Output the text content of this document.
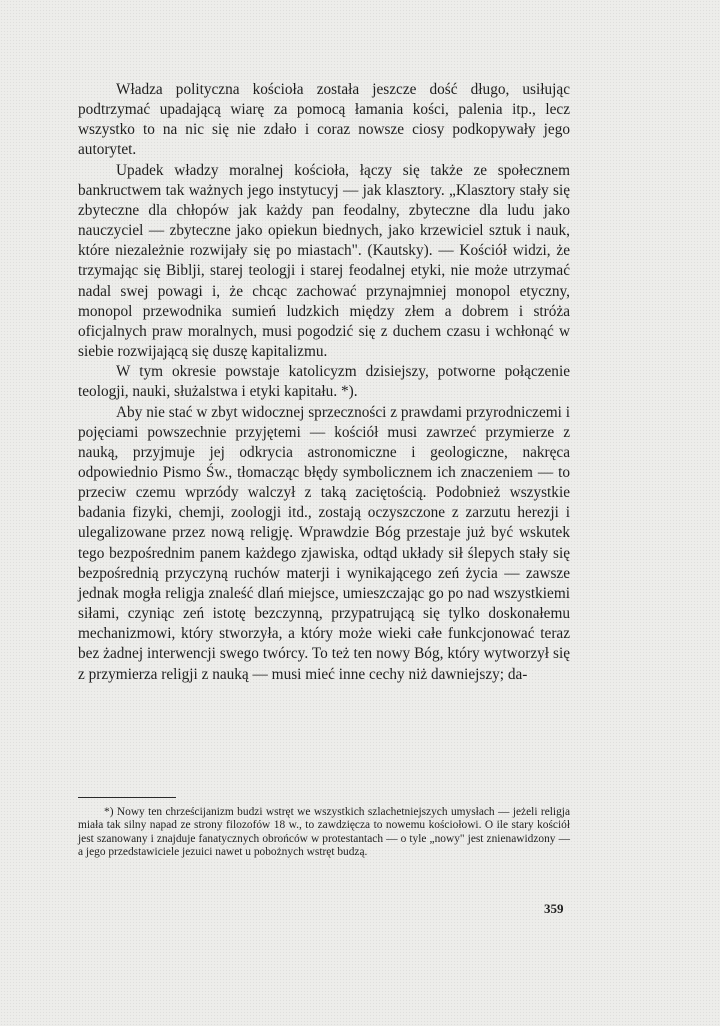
Władza polityczna kościoła została jeszcze dość długo, usiłując podtrzymać upadającą wiarę za pomocą łamania kości, palenia itp., lecz wszystko to na nic się nie zdało i coraz nowsze ciosy podkopywały jego autorytet.

Upadek władzy moralnej kościoła, łączy się także ze społecznem bankructwem tak ważnych jego instytucyj — jak klasztory. „Klasztory stały się zbyteczne dla chłopów jak każdy pan feodalny, zbyteczne dla ludu jako nauczyciel — zbyteczne jako opiekun biednych, jako krzewiciel sztuk i nauk, które niezależnie rozwijały się po miastach". (Kautsky). — Kościół widzi, że trzymając się Biblji, starej teologji i starej feodalnej etyki, nie może utrzymać nadal swej powagi i, że chcąc zachować przynajmniej monopol etyczny, monopol przewodnika sumień ludzkich między złem a dobrem i stróża oficjalnych praw moralnych, musi pogodzić się z duchem czasu i wchłonąć w siebie rozwijającą się duszę kapitalizmu.

W tym okresie powstaje katolicyzm dzisiejszy, potworne połączenie teologji, nauki, służalstwa i etyki kapitału. *).

Aby nie stać w zbyt widocznej sprzeczności z prawdami przyrodniczemi i pojęciami powszechnie przyjętemi — kościół musi zawrzeć przymierze z nauką, przyjmuje jej odkrycia astronomiczne i geologiczne, nakręca odpowiednio Pismo Św., tłomacząc błędy symbolicznem ich znaczeniem — to przeciw czemu wprzódy walczył z taką zaciętością. Podobnież wszystkie badania fizyki, chemji, zoologji itd., zostają oczyszczone z zarzutu herezji i ulegalizowane przez nową religję. Wprawdzie Bóg przestaje już być wskutek tego bezpośrednim panem każdego zjawiska, odtąd układy sił ślepych stały się bezpośrednią przyczyną ruchów materji i wynikającego zeń życia — zawsze jednak mogła religja znaleść dlań miejsce, umieszczając go po nad wszystkiemi siłami, czyniąc zeń istotę bezczynną, przypatrującą się tylko doskonałemu mechanizmowi, który stworzyła, a który może wieki całe funkcjonować teraz bez żadnej interwencji swego twórcy. To też ten nowy Bóg, który wytworzył się z przymierza religji z nauką — musi mieć inne cechy niż dawniejszy; da-

*) Nowy ten chrześcijanizm budzi wstręt we wszystkich szlachetniejszych umysłach — jeżeli religja miała tak silny napad ze strony filozofów 18 w., to zawdzięcza to nowemu kościołowi. O ile stary kościół jest szanowany i znajduje fanatycznych obrońców w protestantach — o tyle „nowy" jest znienawidzony — a jego przedstawiciele jezuici nawet u pobożnych wstręt budzą.

359
